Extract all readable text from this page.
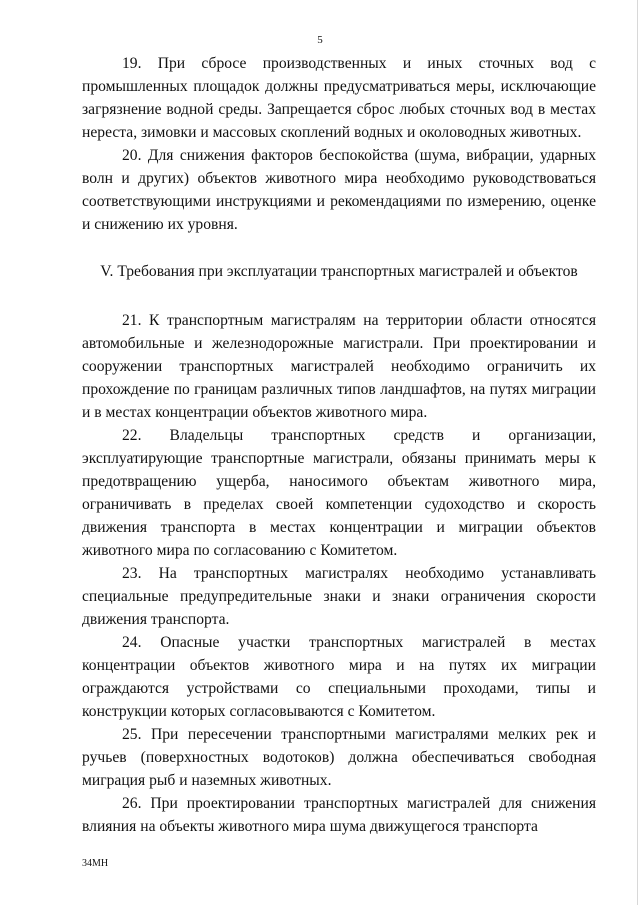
5

19. При сбросе производственных и иных сточных вод с промышленных площадок должны предусматриваться меры, исключающие загрязнение водной среды. Запрещается сброс любых сточных вод в местах нереста, зимовки и массовых скоплений водных и околоводных животных.

20. Для снижения факторов беспокойства (шума, вибрации, ударных волн и других) объектов животного мира необходимо руководствоваться соответствующими инструкциями и рекомендациями по измерению, оценке и снижению их уровня.

V. Требования при эксплуатации транспортных магистралей и объектов

21. К транспортным магистралям на территории области относятся автомобильные и железнодорожные магистрали. При проектировании и сооружении транспортных магистралей необходимо ограничить их прохождение по границам различных типов ландшафтов, на путях миграции и в местах концентрации объектов животного мира.

22. Владельцы транспортных средств и организации, эксплуатирующие транспортные магистрали, обязаны принимать меры к предотвращению ущерба, наносимого объектам животного мира, ограничивать в пределах своей компетенции судоходство и скорость движения транспорта в местах концентрации и миграции объектов животного мира по согласованию с Комитетом.

23. На транспортных магистралях необходимо устанавливать специальные предупредительные знаки и знаки ограничения скорости движения транспорта.

24. Опасные участки транспортных магистралей в местах концентрации объектов животного мира и на путях их миграции ограждаются устройствами со специальными проходами, типы и конструкции которых согласовываются с Комитетом.

25. При пересечении транспортными магистралями мелких рек и ручьев (поверхностных водотоков) должна обеспечиваться свободная миграция рыб и наземных животных.

26. При проектировании транспортных магистралей для снижения влияния на объекты животного мира шума движущегося транспорта

34МН
